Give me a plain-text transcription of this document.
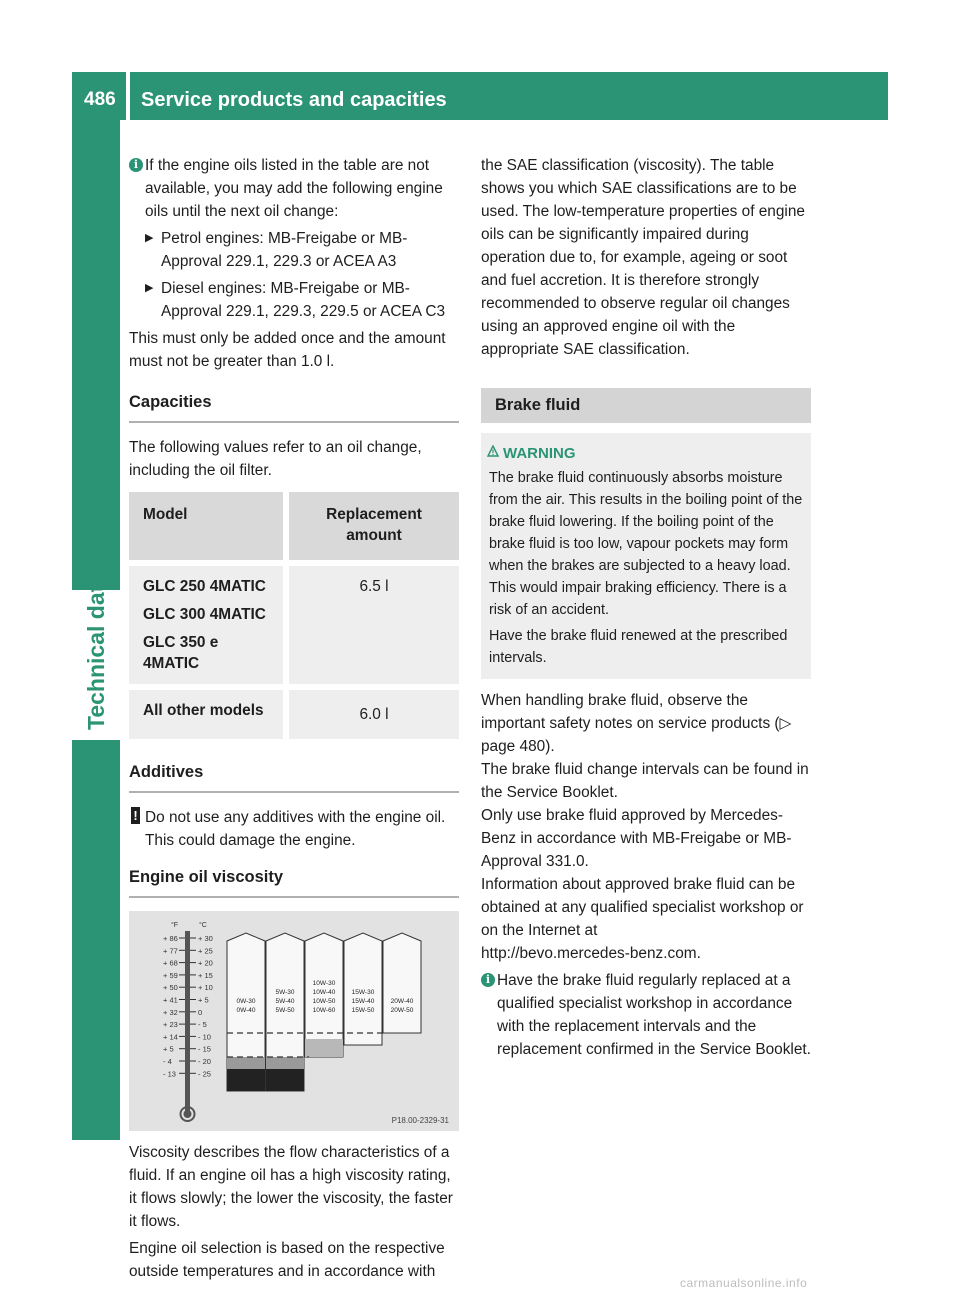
486	Service products and capacities
Technical data

i If the engine oils listed in the table are not available, you may add the following engine oils until the next oil change:

▶ Petrol engines: MB-Freigabe or MB-Approval 229.1, 229.3 or ACEA A3

▶ Diesel engines: MB-Freigabe or MB-Approval 229.1, 229.3, 229.5 or ACEA C3

This must only be added once and the amount must not be greater than 1.0 l.

Capacities

The following values refer to an oil change, including the oil filter.

Model	Replacement amount

GLC 250 4MATIC
GLC 300 4MATIC
GLC 350 e 4MATIC	6.5 l
All other models	6.0 l
Additives

! Do not use any additives with the engine oil. This could damage the engine.

Engine oil viscosity
°F	°C
+ 86
+ 77
+ 68
+ 59
+ 50
+ 41
+ 32
+ 23
+ 14
+ 5
- 4
- 13
+ 30
+ 25
+ 20
+ 15
+ 10
+ 5
0
- 5
- 10
- 15
- 20
- 25
0W-30
0W-40
5W-30
5W-40
5W-50
10W-30
10W-40
10W-50
10W-60
15W-30
15W-40
15W-50
20W-40
20W-50
P18.00-2329-31

Viscosity describes the flow characteristics of a fluid. If an engine oil has a high viscosity rating, it flows slowly; the lower the viscosity, the faster it flows.

Engine oil selection is based on the respective outside temperatures and in accordance with

the SAE classification (viscosity). The table shows you which SAE classifications are to be used. The low-temperature properties of engine oils can be significantly impaired during operation due to, for example, ageing or soot and fuel accretion. It is therefore strongly recommended to observe regular oil changes using an approved engine oil with the appropriate SAE classification.

Brake fluid
WARNING

The brake fluid continuously absorbs moisture from the air. This results in the boiling point of the brake fluid lowering. If the boiling point of the brake fluid is too low, vapour pockets may form when the brakes are subjected to a heavy load. This would impair braking efficiency. There is a risk of an accident.

Have the brake fluid renewed at the prescribed intervals.

When handling brake fluid, observe the important safety notes on service products (▷ page 480).

The brake fluid change intervals can be found in the Service Booklet.

Only use brake fluid approved by Mercedes-Benz in accordance with MB-Freigabe or MB-Approval 331.0.

Information about approved brake fluid can be obtained at any qualified specialist workshop or on the Internet at

http://bevo.mercedes-benz.com.

i Have the brake fluid regularly replaced at a qualified specialist workshop in accordance with the replacement intervals and the replacement confirmed in the Service Booklet.

carmanualsonline.info
